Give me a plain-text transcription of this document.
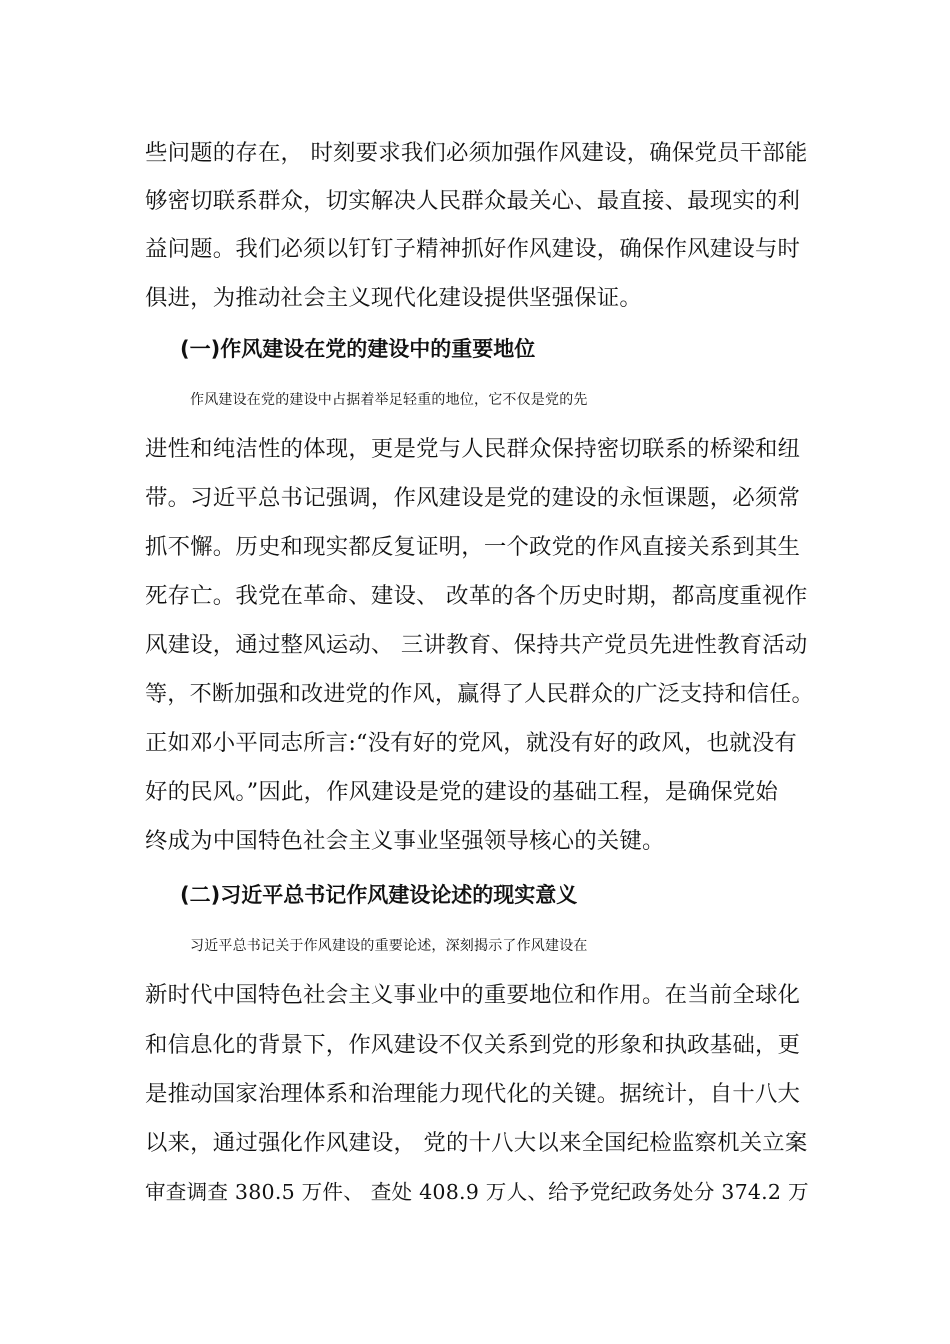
些问题的存在， 时刻要求我们必须加强作风建设，确保党员干部能
够密切联系群众，切实解决人民群众最关心、最直接、最现实的利
益问题。我们必须以钉钉子精神抓好作风建设，确保作风建设与时
俱进，为推动社会主义现代化建设提供坚强保证。
(一)作风建设在党的建设中的重要地位
作风建设在党的建设中占据着举足轻重的地位，它不仅是党的先
进性和纯洁性的体现，更是党与人民群众保持密切联系的桥梁和纽
带。习近平总书记强调，作风建设是党的建设的永恒课题，必须常
抓不懈。历史和现实都反复证明，一个政党的作风直接关系到其生
死存亡。我党在革命、建设、 改革的各个历史时期，都高度重视作
风建设，通过整风运动、 三讲教育、保持共产党员先进性教育活动
等，不断加强和改进党的作风，赢得了人民群众的广泛支持和信任。
正如邓小平同志所言:“没有好的党风，就没有好的政风，也就没有
好的民风。”因此，作风建设是党的建设的基础工程，是确保党始
终成为中国特色社会主义事业坚强领导核心的关键。
(二)习近平总书记作风建设论述的现实意义
习近平总书记关于作风建设的重要论述，深刻揭示了作风建设在
新时代中国特色社会主义事业中的重要地位和作用。在当前全球化
和信息化的背景下，作风建设不仅关系到党的形象和执政基础，更
是推动国家治理体系和治理能力现代化的关键。据统计，自十八大
以来，通过强化作风建设， 党的十八大以来全国纪检监察机关立案
审查调查 380.5 万件、 查处 408.9 万人、给予党纪政务处分 374.2 万
